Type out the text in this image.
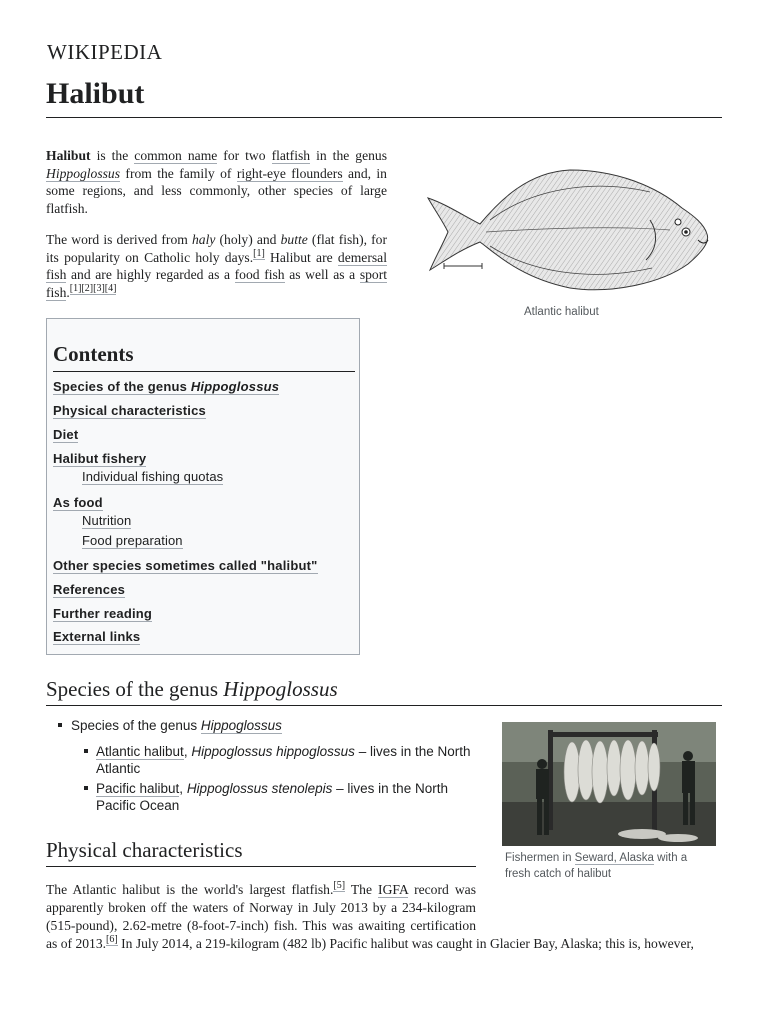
WIKIPEDIA
Halibut

Halibut is the common name for two flatfish in the genus Hippoglossus from the family of right-eye flounders and, in some regions, and less commonly, other species of large flatfish.

The word is derived from haly (holy) and butte (flat fish), for its popularity on Catholic holy days.[1] Halibut are demersal fish and are highly regarded as a food fish as well as a sport fish.[1][2][3][4]

Atlantic halibut
Contents
Species of the genus Hippoglossus
Physical characteristics
Diet
Halibut fishery
Individual fishing quotas
As food
Nutrition
Food preparation
Other species sometimes called "halibut"
References
Further reading
External links
Species of the genus Hippoglossus
Species of the genus Hippoglossus
Atlantic halibut, Hippoglossus hippoglossus – lives in the North Atlantic
Pacific halibut, Hippoglossus stenolepis – lives in the North Pacific Ocean
Fishermen in Seward, Alaska with a fresh catch of halibut
Physical characteristics
The Atlantic halibut is the world's largest flatfish.[5] The IGFA record was apparently broken off the waters of Norway in July 2013 by a 234-kilogram (515-pound), 2.62-metre (8-foot-7-inch) fish. This was awaiting certification as of 2013.[6] In July 2014, a 219-kilogram (482 lb) Pacific halibut was caught in Glacier Bay, Alaska; this is, however,
